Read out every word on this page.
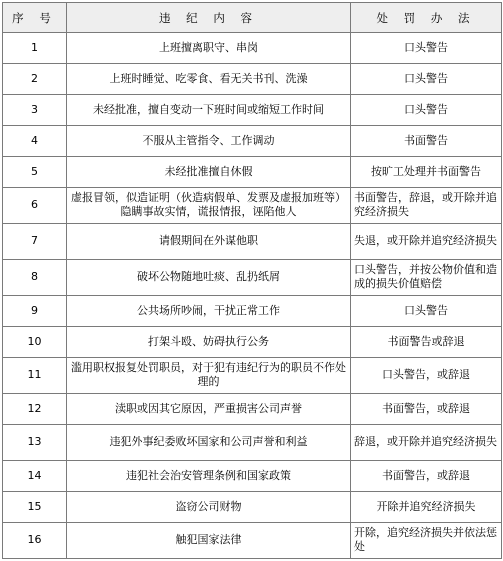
序 号	违 纪 内 容	处 罚 办 法
1	上班擅离职守、串岗	口头警告
2	上班时睡觉、吃零食、看无关书刊、洗澡	口头警告
3	未经批准，擅自变动一下班时间或缩短工作时间	口头警告
4	不服从主管指令、工作调动	书面警告
5	未经批准擅自休假	按旷工处理并书面警告
6	虚报冒领，似造证明（伙造病假单、发票及虚报加班等）隐瞒事故实情，谎报情报，诬陷他人	书面警告，辞退，或开除并追究经济损失
7	请假期间在外谋他职	失退，或开除并追究经济损失
8	破坏公物随地吐痰、乱扔纸屑	口头警告，并按公物价值和造成的损失价值赔偿
9	公共场所吵闹，干扰正常工作	口头警告
10	打架斗殴、妨碍执行公务	书面警告或辞退
11	滥用职权报复处罚职员，对于犯有违纪行为的职员不作处理的	口头警告，或辞退
12	渎职或因其它原因，严重损害公司声誉	书面警告，或辞退
13	违犯外事纪委败坏国家和公司声誉和利益	辞退，或开除并追究经济损失
14	违犯社会治安管理条例和国家政策	书面警告，或辞退
15	盗窃公司财物	开除并追究经济损失
16	触犯国家法律	开除，追究经济损失并依法惩处
